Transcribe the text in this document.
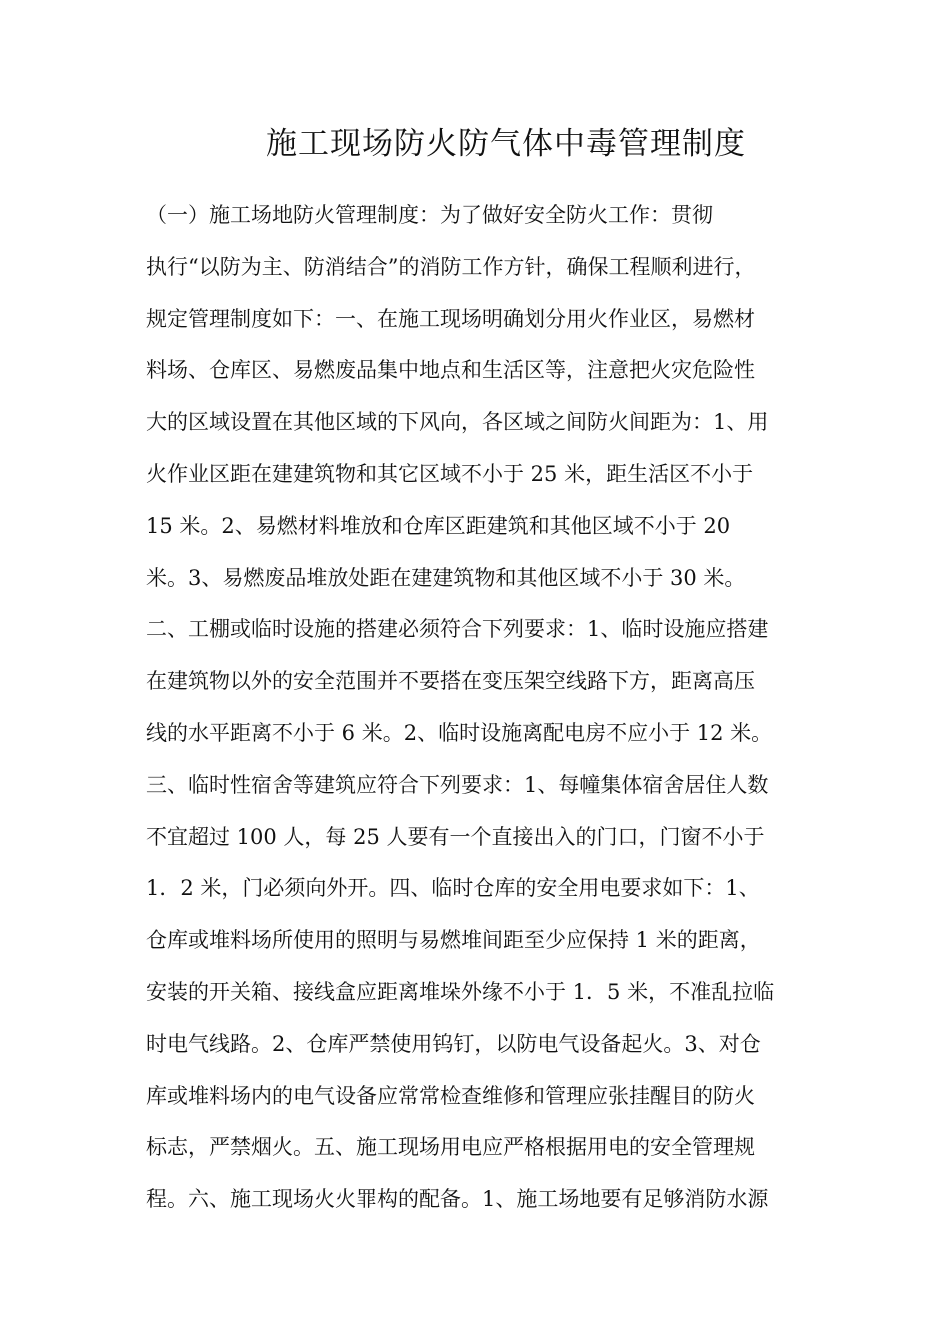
施工现场防火防气体中毒管理制度
（一）施工场地防火管理制度：为了做好安全防火工作：贯彻
执行“以防为主、防消结合”的消防工作方针，确保工程顺利进行，
规定管理制度如下：一、在施工现场明确划分用火作业区，易燃材
料场、仓库区、易燃废品集中地点和生活区等，注意把火灾危险性
大的区域设置在其他区域的下风向，各区域之间防火间距为：1、用
火作业区距在建建筑物和其它区域不小于 25 米，距生活区不小于
15 米。2、易燃材料堆放和仓库区距建筑和其他区域不小于 20
米。3、易燃废品堆放处距在建建筑物和其他区域不小于 30 米。
二、工棚或临时设施的搭建必须符合下列要求：1、临时设施应搭建
在建筑物以外的安全范围并不要搭在变压架空线路下方，距离高压
线的水平距离不小于 6 米。2、临时设施离配电房不应小于 12 米。
三、临时性宿舍等建筑应符合下列要求：1、每幢集体宿舍居住人数
不宜超过 100 人，每 25 人要有一个直接出入的门口，门窗不小于
1．2 米，门必须向外开。四、临时仓库的安全用电要求如下：1、
仓库或堆料场所使用的照明与易燃堆间距至少应保持 1 米的距离，
安装的开关箱、接线盒应距离堆垛外缘不小于 1．5 米，不准乱拉临
时电气线路。2、仓库严禁使用钨钉，以防电气设备起火。3、对仓
库或堆料场内的电气设备应常常检查维修和管理应张挂醒目的防火
标志，严禁烟火。五、施工现场用电应严格根据用电的安全管理规
程。六、施工现场火火罪构的配备。1、施工场地要有足够消防水源
